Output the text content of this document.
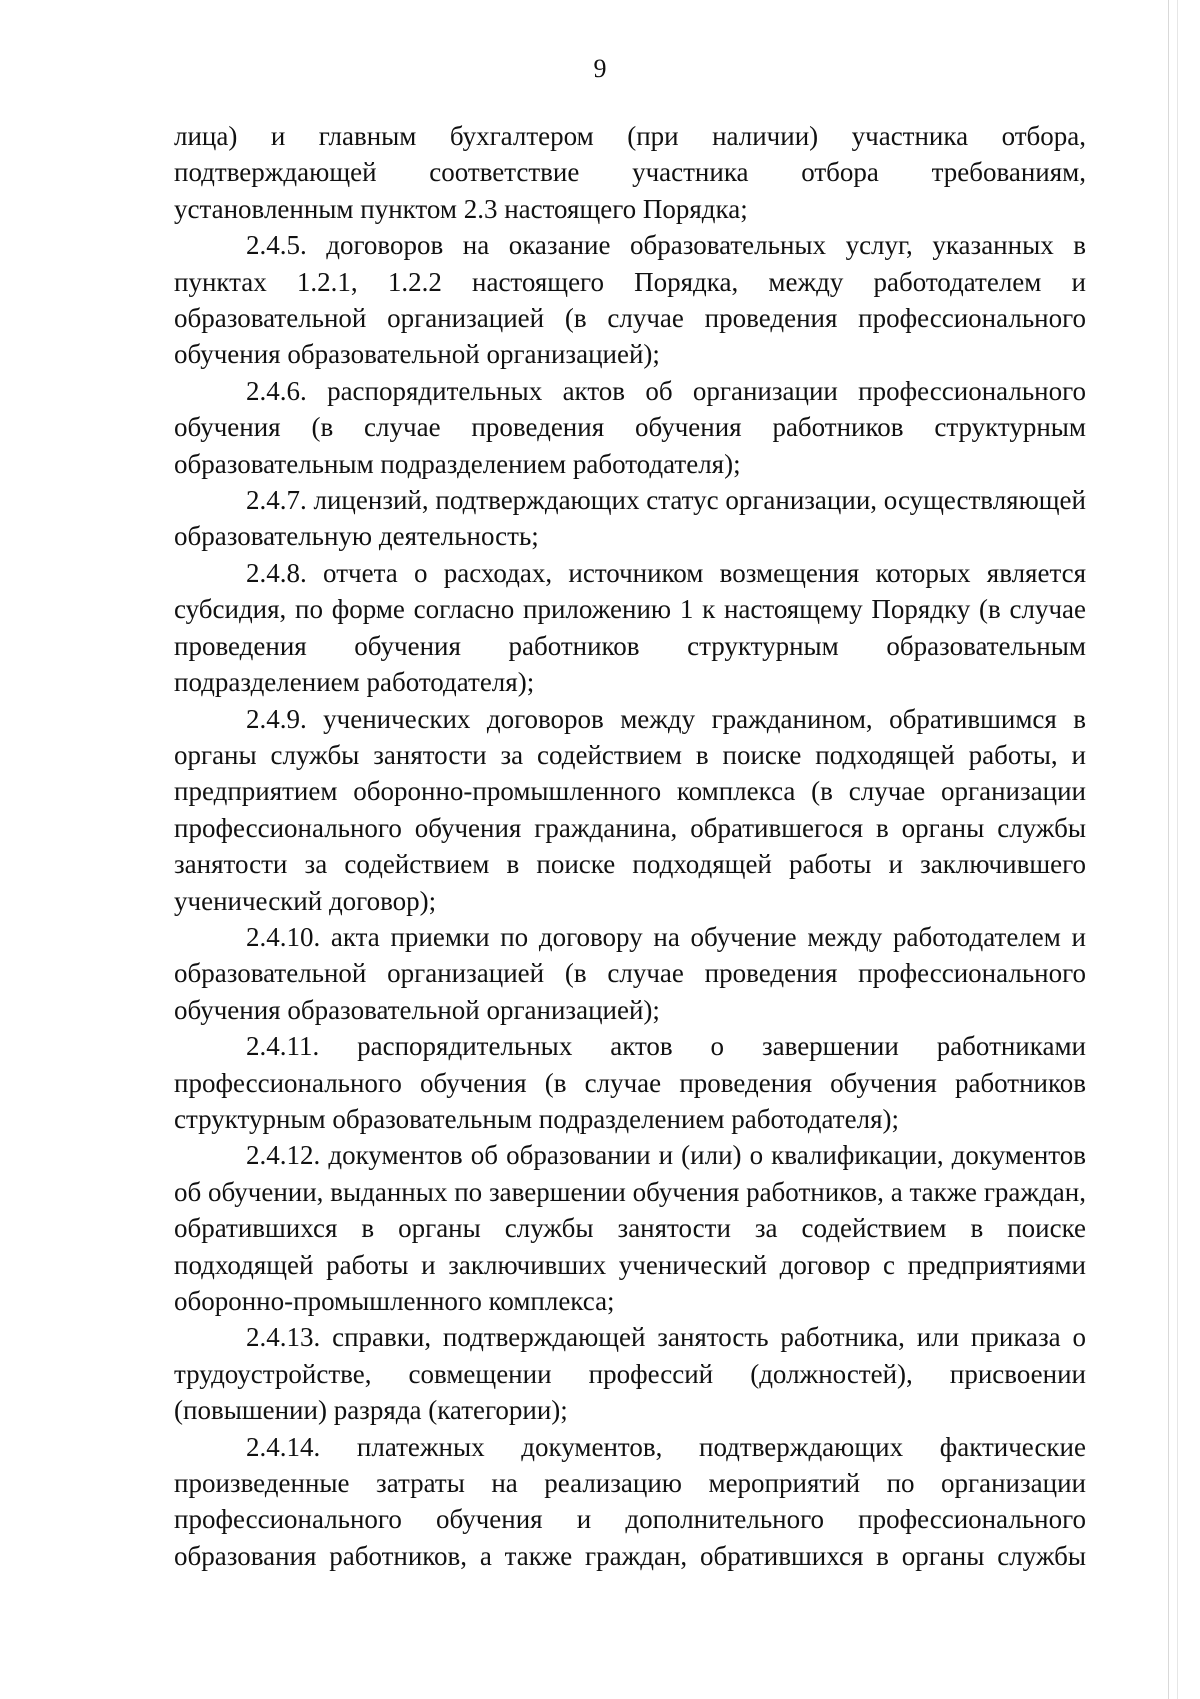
9

лица) и главным бухгалтером (при наличии) участника отбора, подтверждающей соответствие участника отбора требованиям, установленным пунктом 2.3 настоящего Порядка;

2.4.5. договоров на оказание образовательных услуг, указанных в пунктах 1.2.1, 1.2.2 настоящего Порядка, между работодателем и образовательной организацией (в случае проведения профессионального обучения образовательной организацией);

2.4.6. распорядительных актов об организации профессионального обучения (в случае проведения обучения работников структурным образовательным подразделением работодателя);

2.4.7. лицензий, подтверждающих статус организации, осуществляющей образовательную деятельность;

2.4.8. отчета о расходах, источником возмещения которых является субсидия, по форме согласно приложению 1 к настоящему Порядку (в случае проведения обучения работников структурным образовательным подразделением работодателя);

2.4.9. ученических договоров между гражданином, обратившимся в органы службы занятости за содействием в поиске подходящей работы, и предприятием оборонно-промышленного комплекса (в случае организации профессионального обучения гражданина, обратившегося в органы службы занятости за содействием в поиске подходящей работы и заключившего ученический договор);

2.4.10. акта приемки по договору на обучение между работодателем и образовательной организацией (в случае проведения профессионального обучения образовательной организацией);

2.4.11. распорядительных актов о завершении работниками профессионального обучения (в случае проведения обучения работников структурным образовательным подразделением работодателя);

2.4.12. документов об образовании и (или) о квалификации, документов об обучении, выданных по завершении обучения работников, а также граждан, обратившихся в органы службы занятости за содействием в поиске подходящей работы и заключивших ученический договор с предприятиями оборонно-промышленного комплекса;

2.4.13. справки, подтверждающей занятость работника, или приказа о трудоустройстве, совмещении профессий (должностей), присвоении (повышении) разряда (категории);

2.4.14. платежных документов, подтверждающих фактические произведенные затраты на реализацию мероприятий по организации профессионального обучения и дополнительного профессионального образования работников, а также граждан, обратившихся в органы службы
